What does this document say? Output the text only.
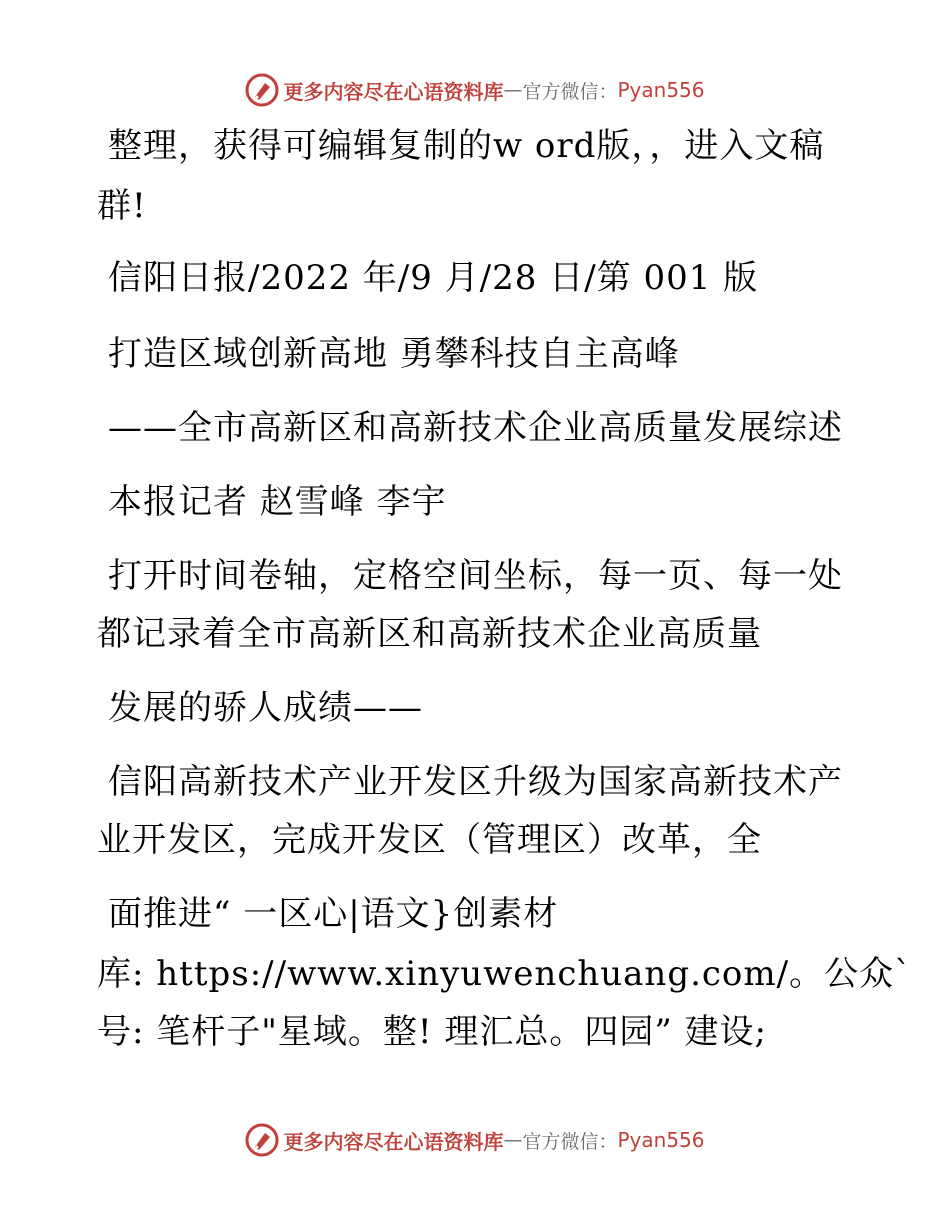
更多内容尽在心语资料库 — 官方微信： Pyan556
整理，获得可编辑复制的w ord版，，进入文稿
群!
信阳日报/2022 年/9 月/28 日/第 001 版
打造区域创新高地 勇攀科技自主高峰
——全市高新区和高新技术企业高质量发展综述
本报记者 赵雪峰 李宇
打开时间卷轴，定格空间坐标，每一页、每一处
都记录着全市高新区和高新技术企业高质量
发展的骄人成绩——
信阳高新技术产业开发区升级为国家高新技术产
业开发区，完成开发区（管理区）改革，全
面推进“ 一区心|语文}创素材
库: https://www.xinyuwenchuang.com/。公众`
号: 笔杆子"星域。整! 理汇总。四园” 建设;
更多内容尽在心语资料库 — 官方微信： Pyan556
